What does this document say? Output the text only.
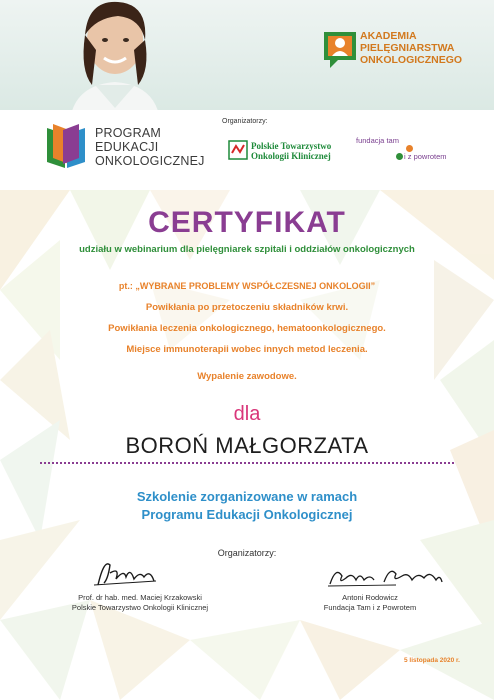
AKADEMIA
PIELĘGNIARSTWA
ONKOLOGICZNEGO
Organizatorzy:
PROGRAM
EDUKACJI
ONKOLOGICZNEJ
Polskie Towarzystwo
Onkologii Klinicznej
fundacja tam
i z powrotem
CERTYFIKAT
udziału w webinarium dla pielęgniarek szpitali i oddziałów onkologicznych
pt.: „WYBRANE PROBLEMY WSPÓŁCZESNEJ ONKOLOGII”
Powikłania po przetoczeniu składników krwi.
Powikłania leczenia onkologicznego, hematoonkologicznego.
Miejsce immunoterapii wobec innych metod leczenia.
Wypalenie zawodowe.
dla
BOROŃ MAŁGORZATA
Szkolenie zorganizowane w ramach
Programu Edukacji Onkologicznej
Organizatorzy:
Prof. dr hab. med. Maciej Krzakowski
Polskie Towarzystwo Onkologii Klinicznej
Antoni Rodowicz
Fundacja Tam i z Powrotem
5 listopada 2020 r.
